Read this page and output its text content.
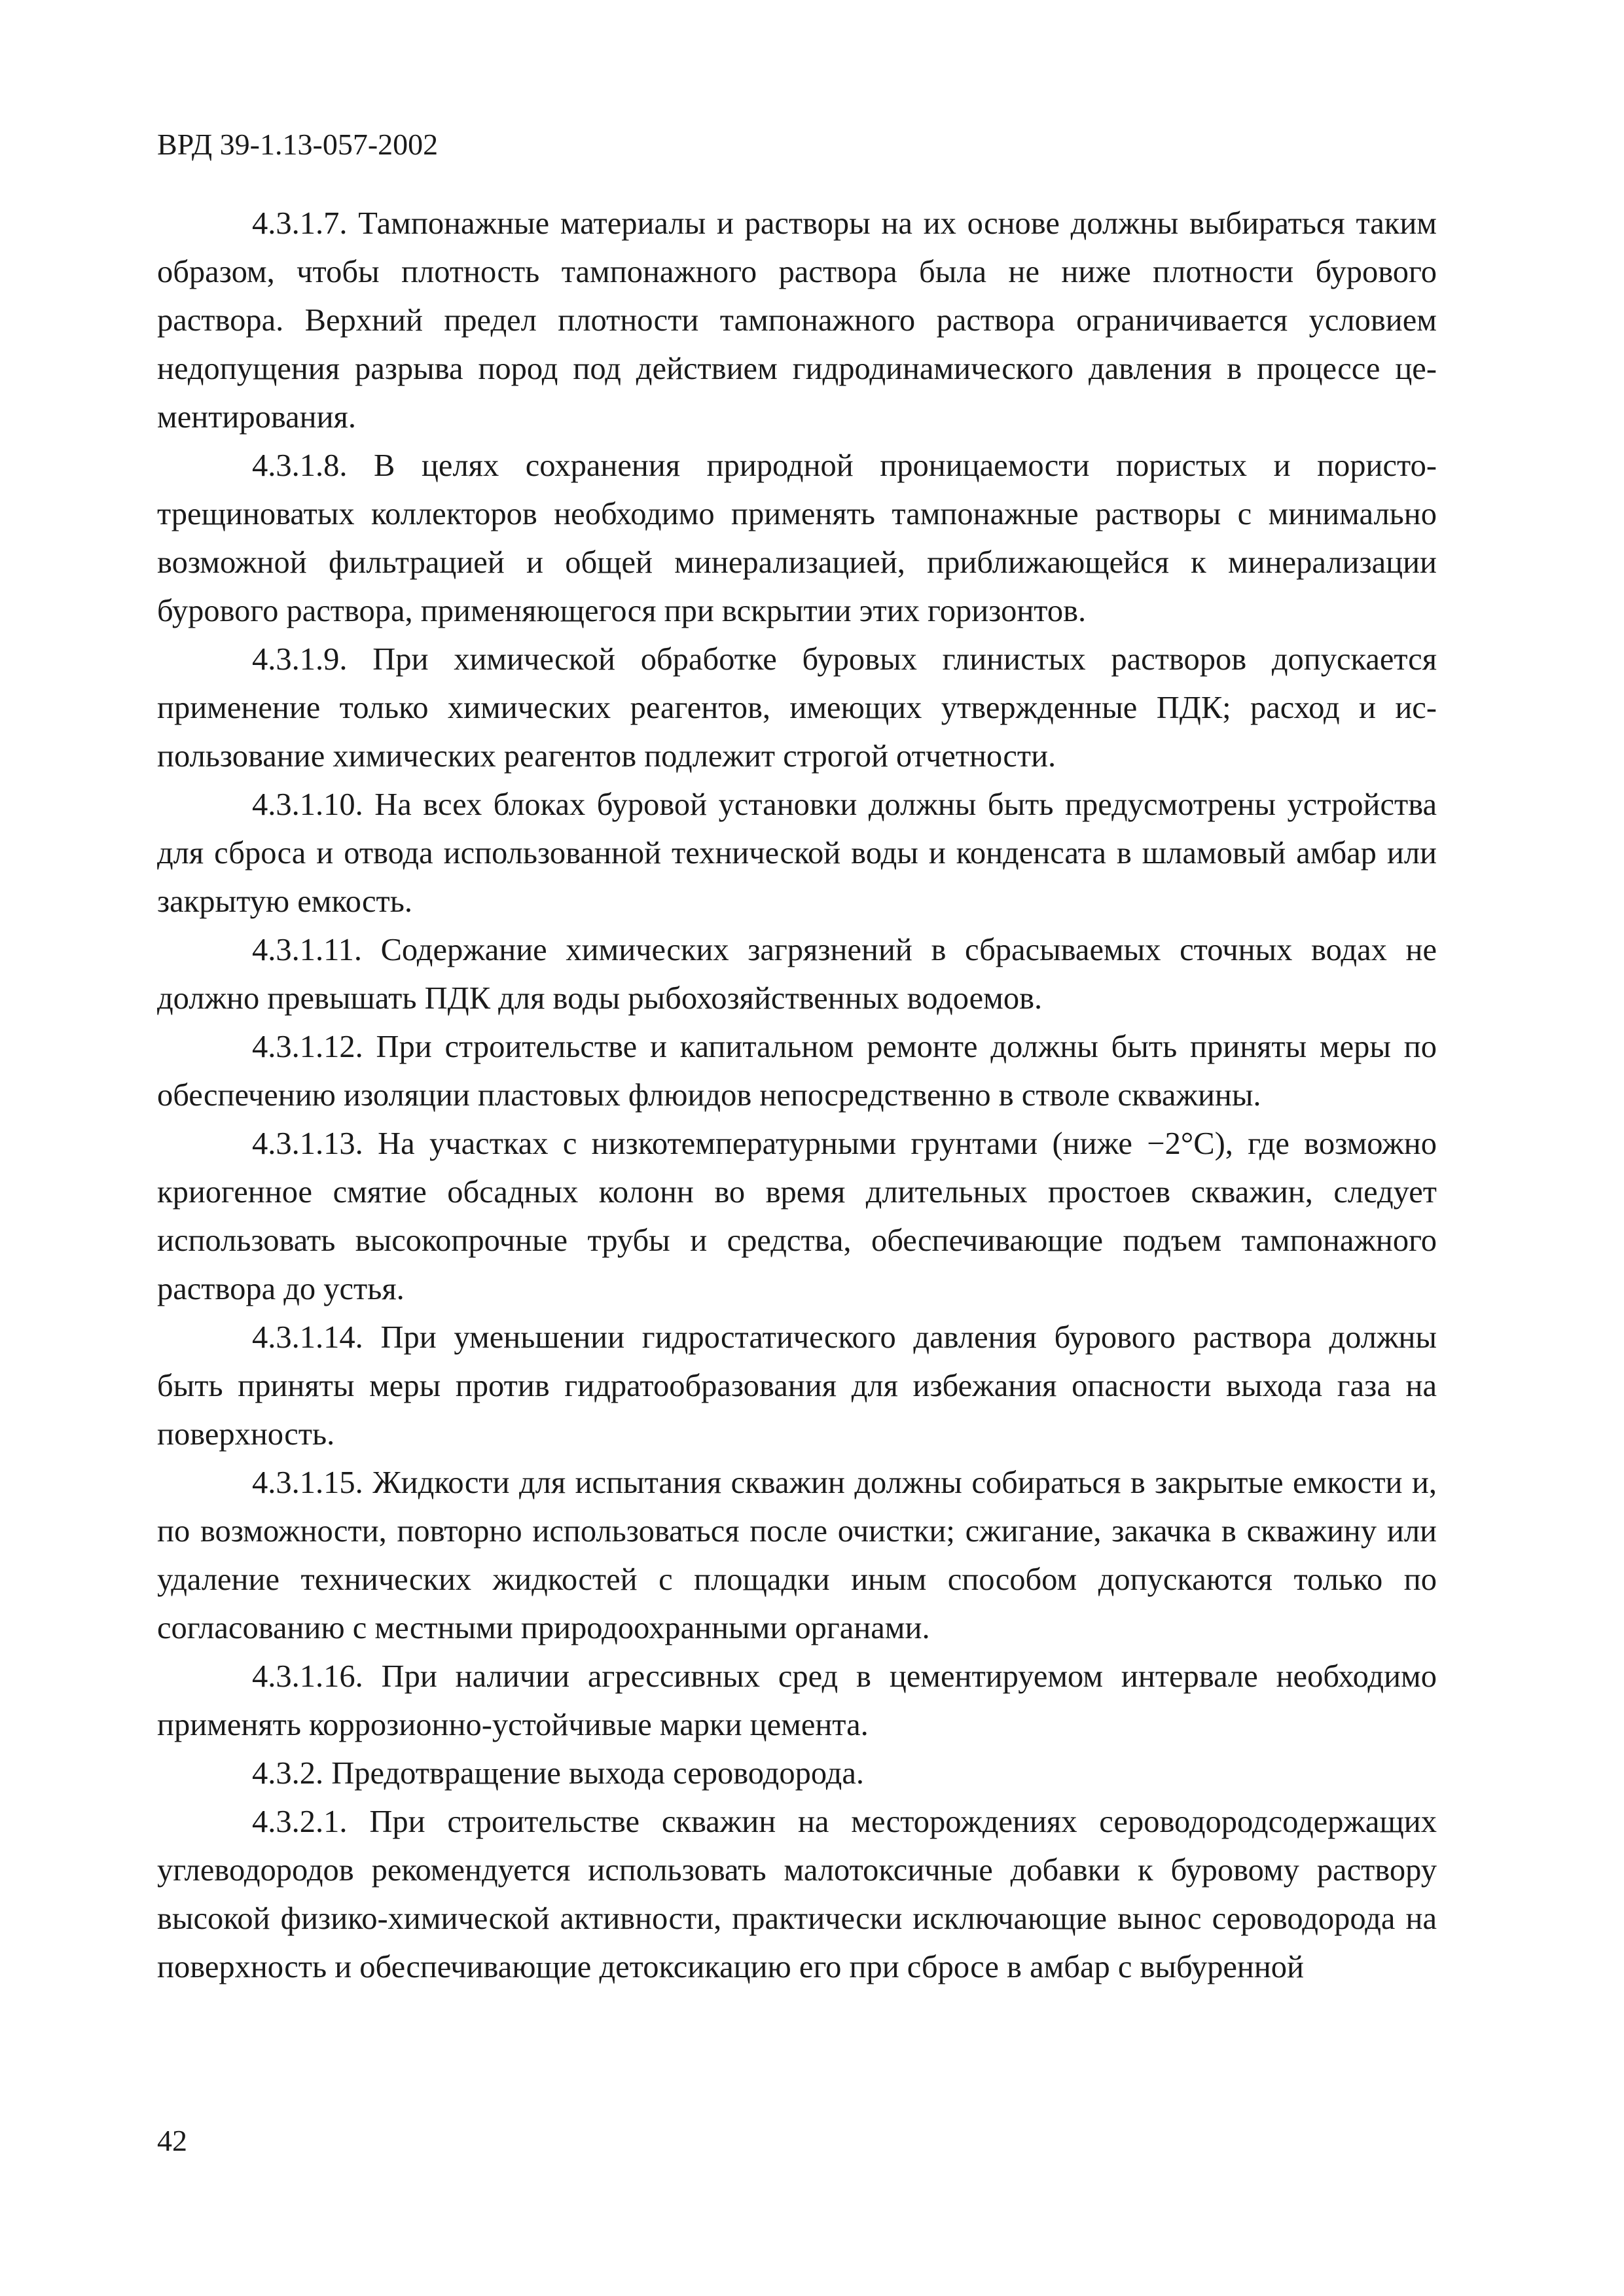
ВРД 39-1.13-057-2002

4.3.1.7. Тампонажные материалы и растворы на их основе должны выбираться таким образом, чтобы плотность тампонажного раствора была не ниже плотности бурового раствора. Верхний предел плотности тампонажного раствора ограничивается условием недопущения разрыва пород под действием гидродинамического давления в процессе цементирования.

4.3.1.8. В целях сохранения природной проницаемости пористых и пористотрещиноватых коллекторов необходимо применять тампонажные растворы с минимально возможной фильтрацией и общей минерализацией, приближающейся к минерализации бурового раствора, применяющегося при вскрытии этих горизонтов.

4.3.1.9. При химической обработке буровых глинистых растворов допускается применение только химических реагентов, имеющих утвержденные ПДК; расход и использование химических реагентов подлежит строгой отчетности.

4.3.1.10. На всех блоках буровой установки должны быть предусмотрены устройства для сброса и отвода использованной технической воды и конденсата в шламовый амбар или закрытую емкость.

4.3.1.11. Содержание химических загрязнений в сбрасываемых сточных водах не должно превышать ПДК для воды рыбохозяйственных водоемов.

4.3.1.12. При строительстве и капитальном ремонте должны быть приняты меры по обеспечению изоляции пластовых флюидов непосредственно в стволе скважины.

4.3.1.13. На участках с низкотемпературными грунтами (ниже −2°С), где возможно криогенное смятие обсадных колонн во время длительных простоев скважин, следует использовать высокопрочные трубы и средства, обеспечивающие подъем тампонажного раствора до устья.

4.3.1.14. При уменьшении гидростатического давления бурового раствора должны быть приняты меры против гидратообразования для избежания опасности выхода газа на поверхность.

4.3.1.15. Жидкости для испытания скважин должны собираться в закрытые емкости и, по возможности, повторно использоваться после очистки; сжигание, закачка в скважину или удаление технических жидкостей с площадки иным способом допускаются только по согласованию с местными природоохранными органами.

4.3.1.16. При наличии агрессивных сред в цементируемом интервале необходимо применять коррозионно-устойчивые марки цемента.

4.3.2. Предотвращение выхода сероводорода.

4.3.2.1. При строительстве скважин на месторождениях сероводородсодержащих углеводородов рекомендуется использовать малотоксичные добавки к буровому раствору высокой физико-химической активности, практически исключающие вынос сероводорода на поверхность и обеспечивающие детоксикацию его при сбросе в амбар с выбуренной

42
